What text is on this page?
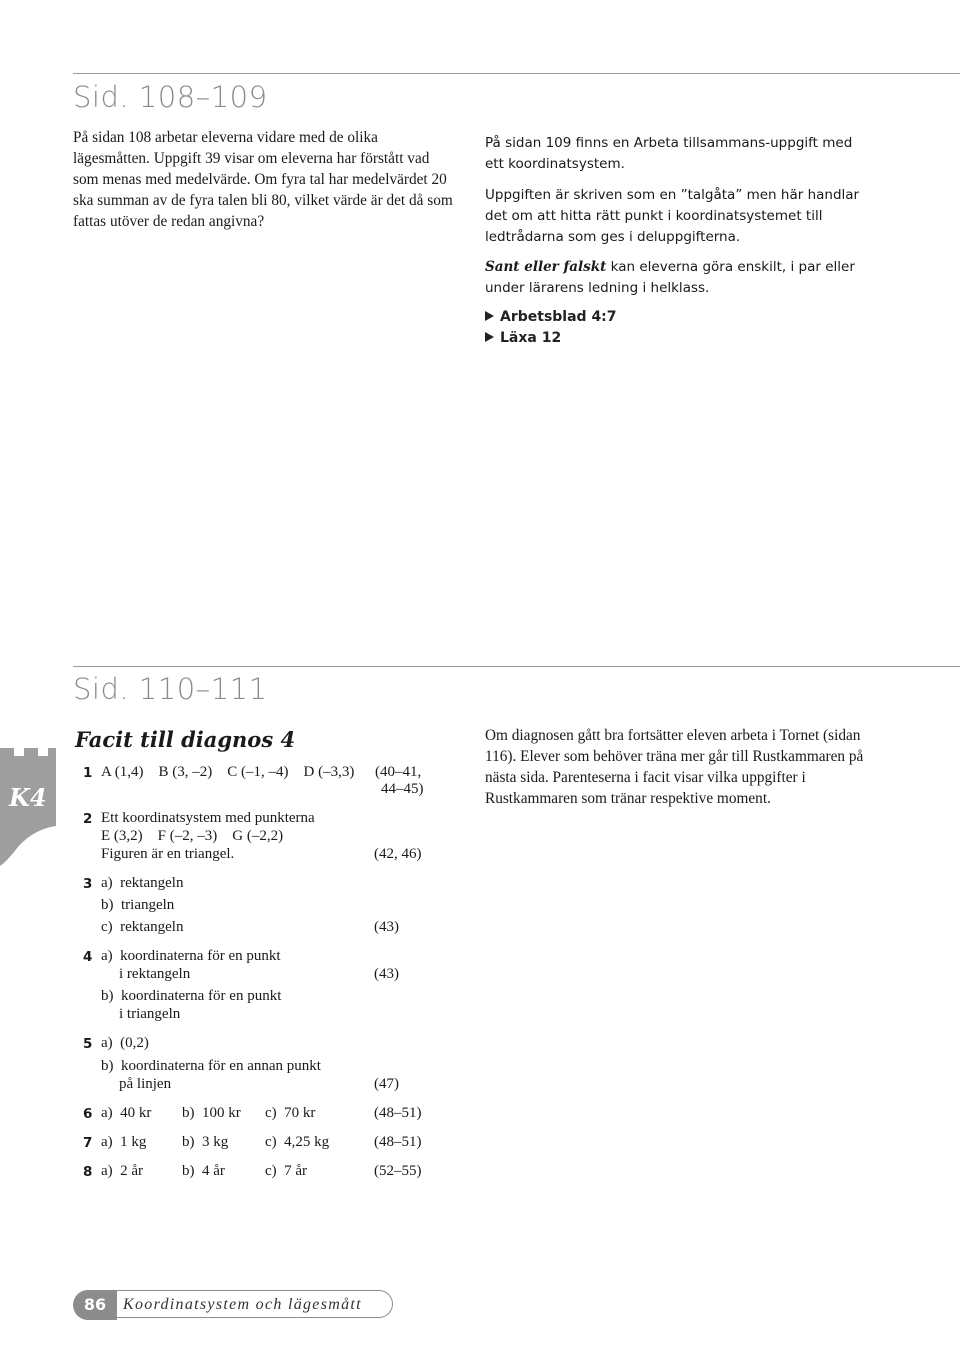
Sid. 108–109

På sidan 108 arbetar eleverna vidare med de olika lägesmåtten. Uppgift 39 visar om eleverna har förstått vad som menas med medelvärde. Om fyra tal har medelvärdet 20 ska summan av de fyra talen bli 80, vilket värde är det då som fattas utöver de redan angivna?

På sidan 109 finns en Arbeta tillsammans-uppgift med ett koordinatsystem.

Uppgiften är skriven som en ”talgåta” men här handlar det om att hitta rätt punkt i koordinatsystemet till ledtrådarna som ges i deluppgifterna.

Sant eller falskt kan eleverna göra enskilt, i par eller under lärarens ledning i helklass.

Arbetsblad 4:7
Läxa 12
Sid. 110–111
K4
Facit till diagnos 4	Om diagnosen gått bra fortsätter eleven arbeta i Tornet (sidan 116). Elever som behöver träna mer går till Rustkammaren på nästa sida. Parenteserna i facit visar vilka uppgifter i Rustkammaren som tränar respektive moment.

1 A (1,4)    B (3, –2)    C (–1, –4)    D (–3,3) (40–41,
44–45)
2 Ett koordinatsystem med punkterna
E (3,2)    F (–2, –3)    G (–2,2)
Figuren är en triangel.	(42, 46)
3 a)  rektangeln
b)  triangeln
c)  rektangeln	(43)
4 a)  koordinaterna för en punkt
i rektangeln	(43)
b)  koordinaterna för en punkt
i triangeln
5 a)  (0,2)
b)  koordinaterna för en annan punkt
på linjen	(47)
6 a)  40 kr b)  100 kr c)  70 kr	(48–51)
7 a)  1 kg b)  3 kg c)  4,25 kg	(48–51)
8 a)  2 år	b)  4 år	c)  7 år	(52–55)
86	Koordinatsystem och lägesmått
